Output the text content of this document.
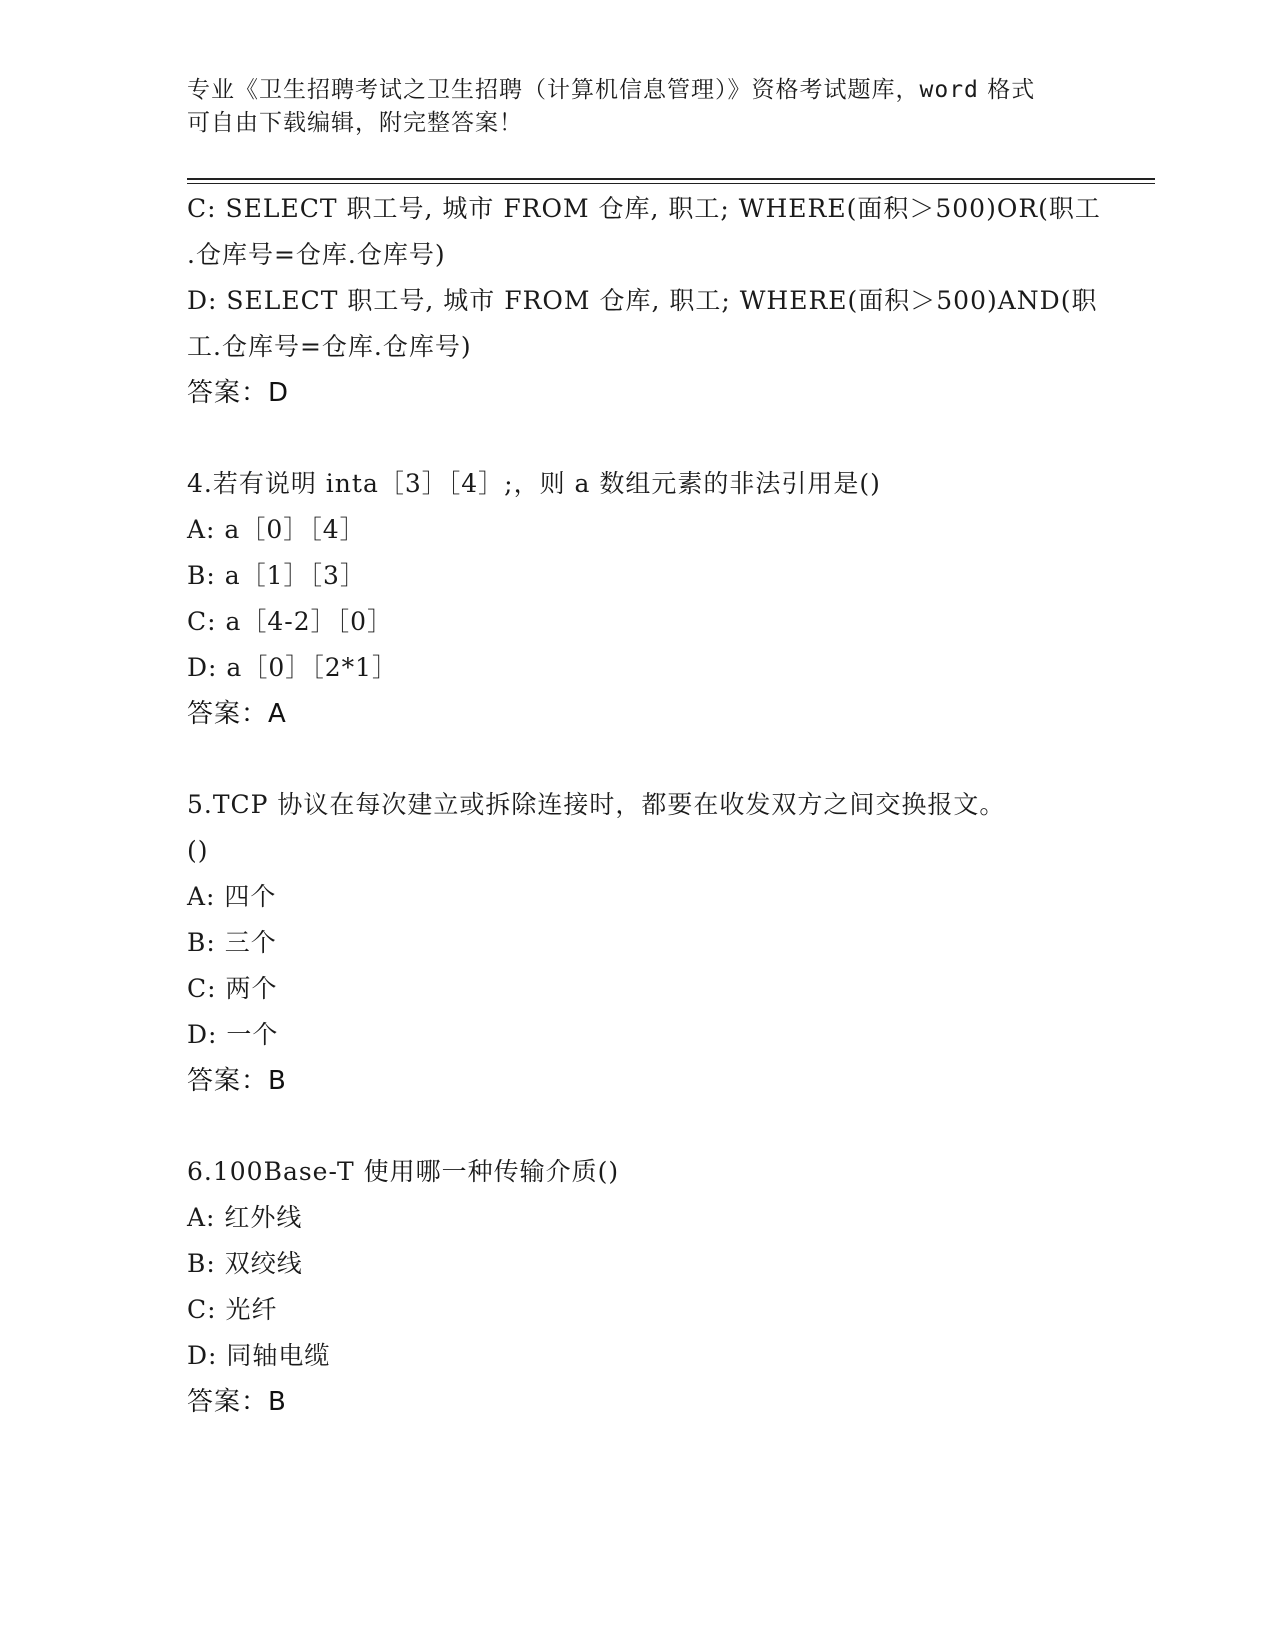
专业《卫生招聘考试之卫生招聘（计算机信息管理）》资格考试题库，word 格式
可自由下载编辑，附完整答案！
C: SELECT 职工号, 城市 FROM 仓库, 职工; WHERE(面积＞500)OR(职工
.仓库号=仓库.仓库号)
D: SELECT 职工号, 城市 FROM 仓库, 职工; WHERE(面积＞500)AND(职
工.仓库号=仓库.仓库号)
答案：D
4.若有说明 inta［3］［4］;，则 a 数组元素的非法引用是()
A: a［0］［4］
B: a［1］［3］
C: a［4-2］［0］
D: a［0］［2*1］
答案：A
5.TCP 协议在每次建立或拆除连接时，都要在收发双方之间交换报文。
()
A: 四个
B: 三个
C: 两个
D: 一个
答案：B
6.100Base-T 使用哪一种传输介质()
A: 红外线
B: 双绞线
C: 光纤
D: 同轴电缆
答案：B
